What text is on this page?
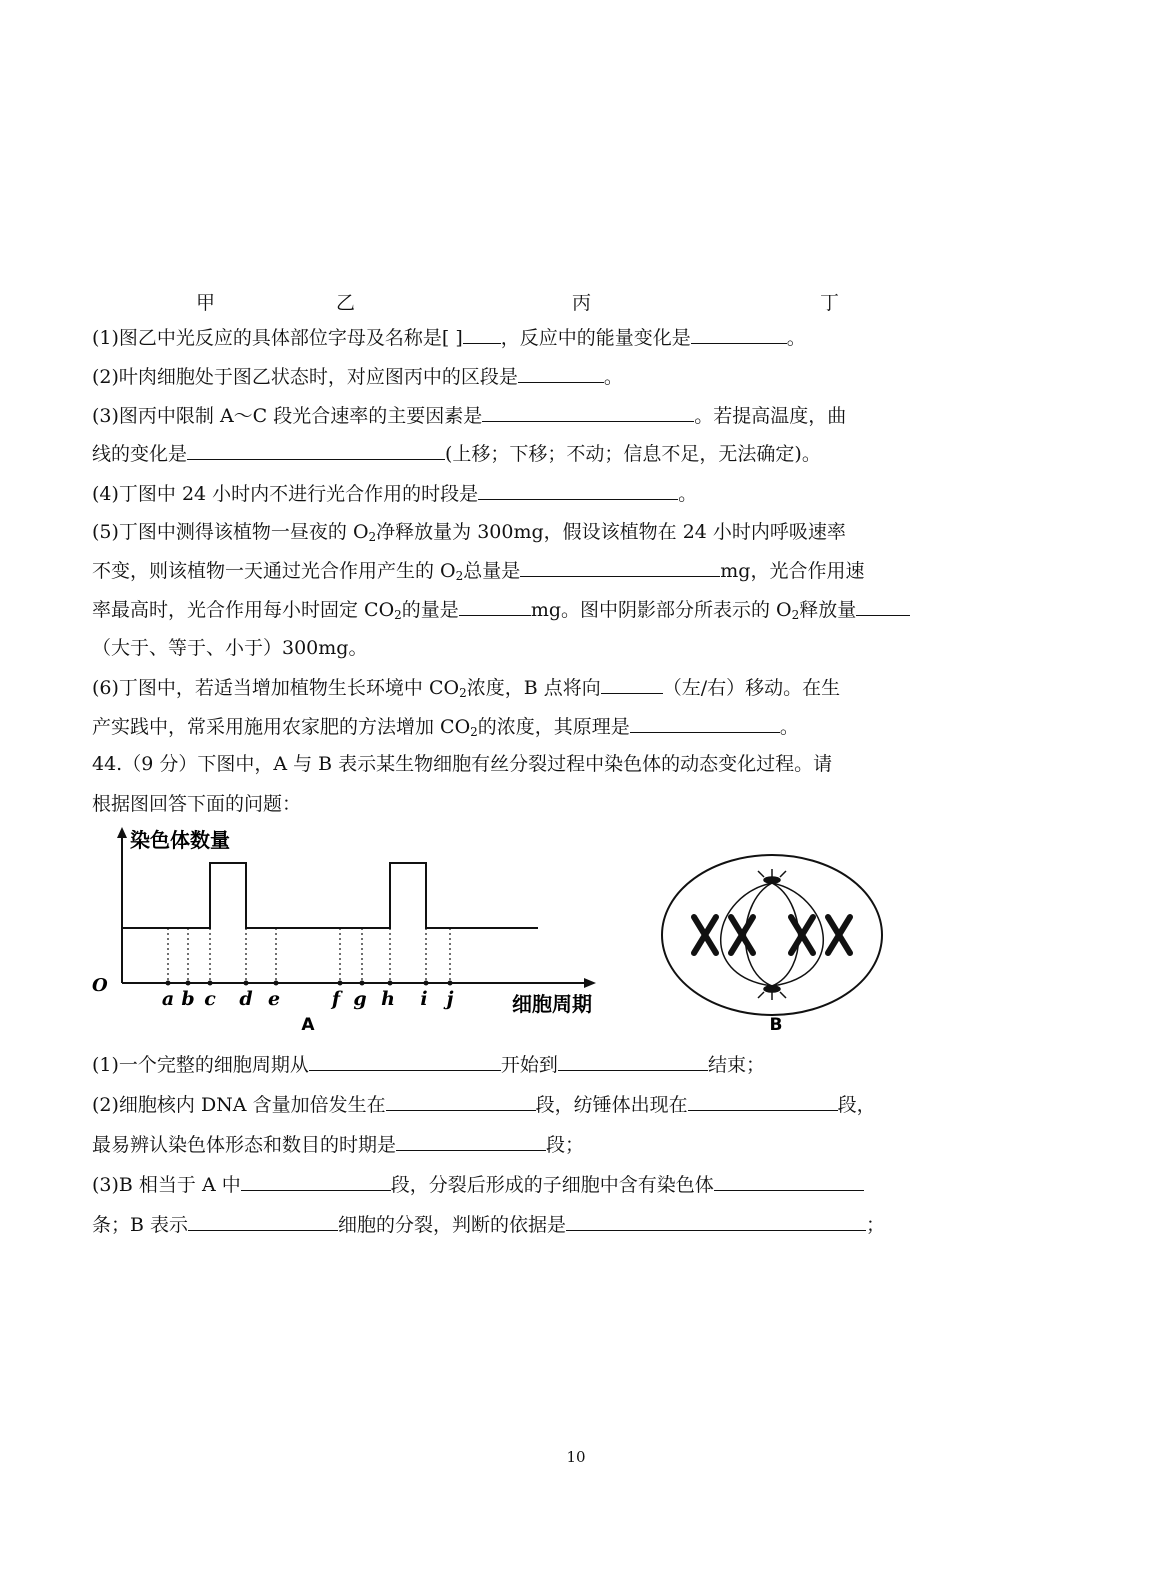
甲	乙	丙	丁
(1)图乙中光反应的具体部位字母及名称是[ ] ，反应中的能量变化是	。
(2)叶肉细胞处于图乙状态时，对应图丙中的区段是	。
(3)图丙中限制 A～C 段光合速率的主要因素是	。若提高温度，曲
线的变化是	(上移；下移；不动；信息不足，无法确定)。
(4)丁图中 24 小时内不进行光合作用的时段是	。
(5)丁图中测得该植物一昼夜的 $O_2$净释放量为 300mg，假设该植物在 24 小时内呼吸速率
不变，则该植物一天通过光合作用产生的 $O_2$总量是	mg，光合作用速
率最高时，光合作用每小时固定 $CO_2$的量是	mg。图中阴影部分所表示的 $O_2$释放量
（大于、等于、小于）300mg。
(6)丁图中，若适当增加植物生长环境中 $CO_2$浓度，B 点将向	（左/右）移动。在生
产实践中，常采用施用农家肥的方法增加 $CO_2$的浓度，其原理是	。
44.（9 分）下图中，A 与 B 表示某生物细胞有丝分裂过程中染色体的动态变化过程。请
根据图回答下面的问题：
染色体数量
O
细胞周期
a b c d e	f g h i j
A	B
(1)一个完整的细胞周期从	开始到	结束；
(2)细胞核内 DNA 含量加倍发生在	段，纺锤体出现在	段，
最易辨认染色体形态和数目的时期是	段；
(3)B 相当于 A 中	段，分裂后形成的子细胞中含有染色体
条；B 表示	细胞的分裂，判断的依据是	；
10
